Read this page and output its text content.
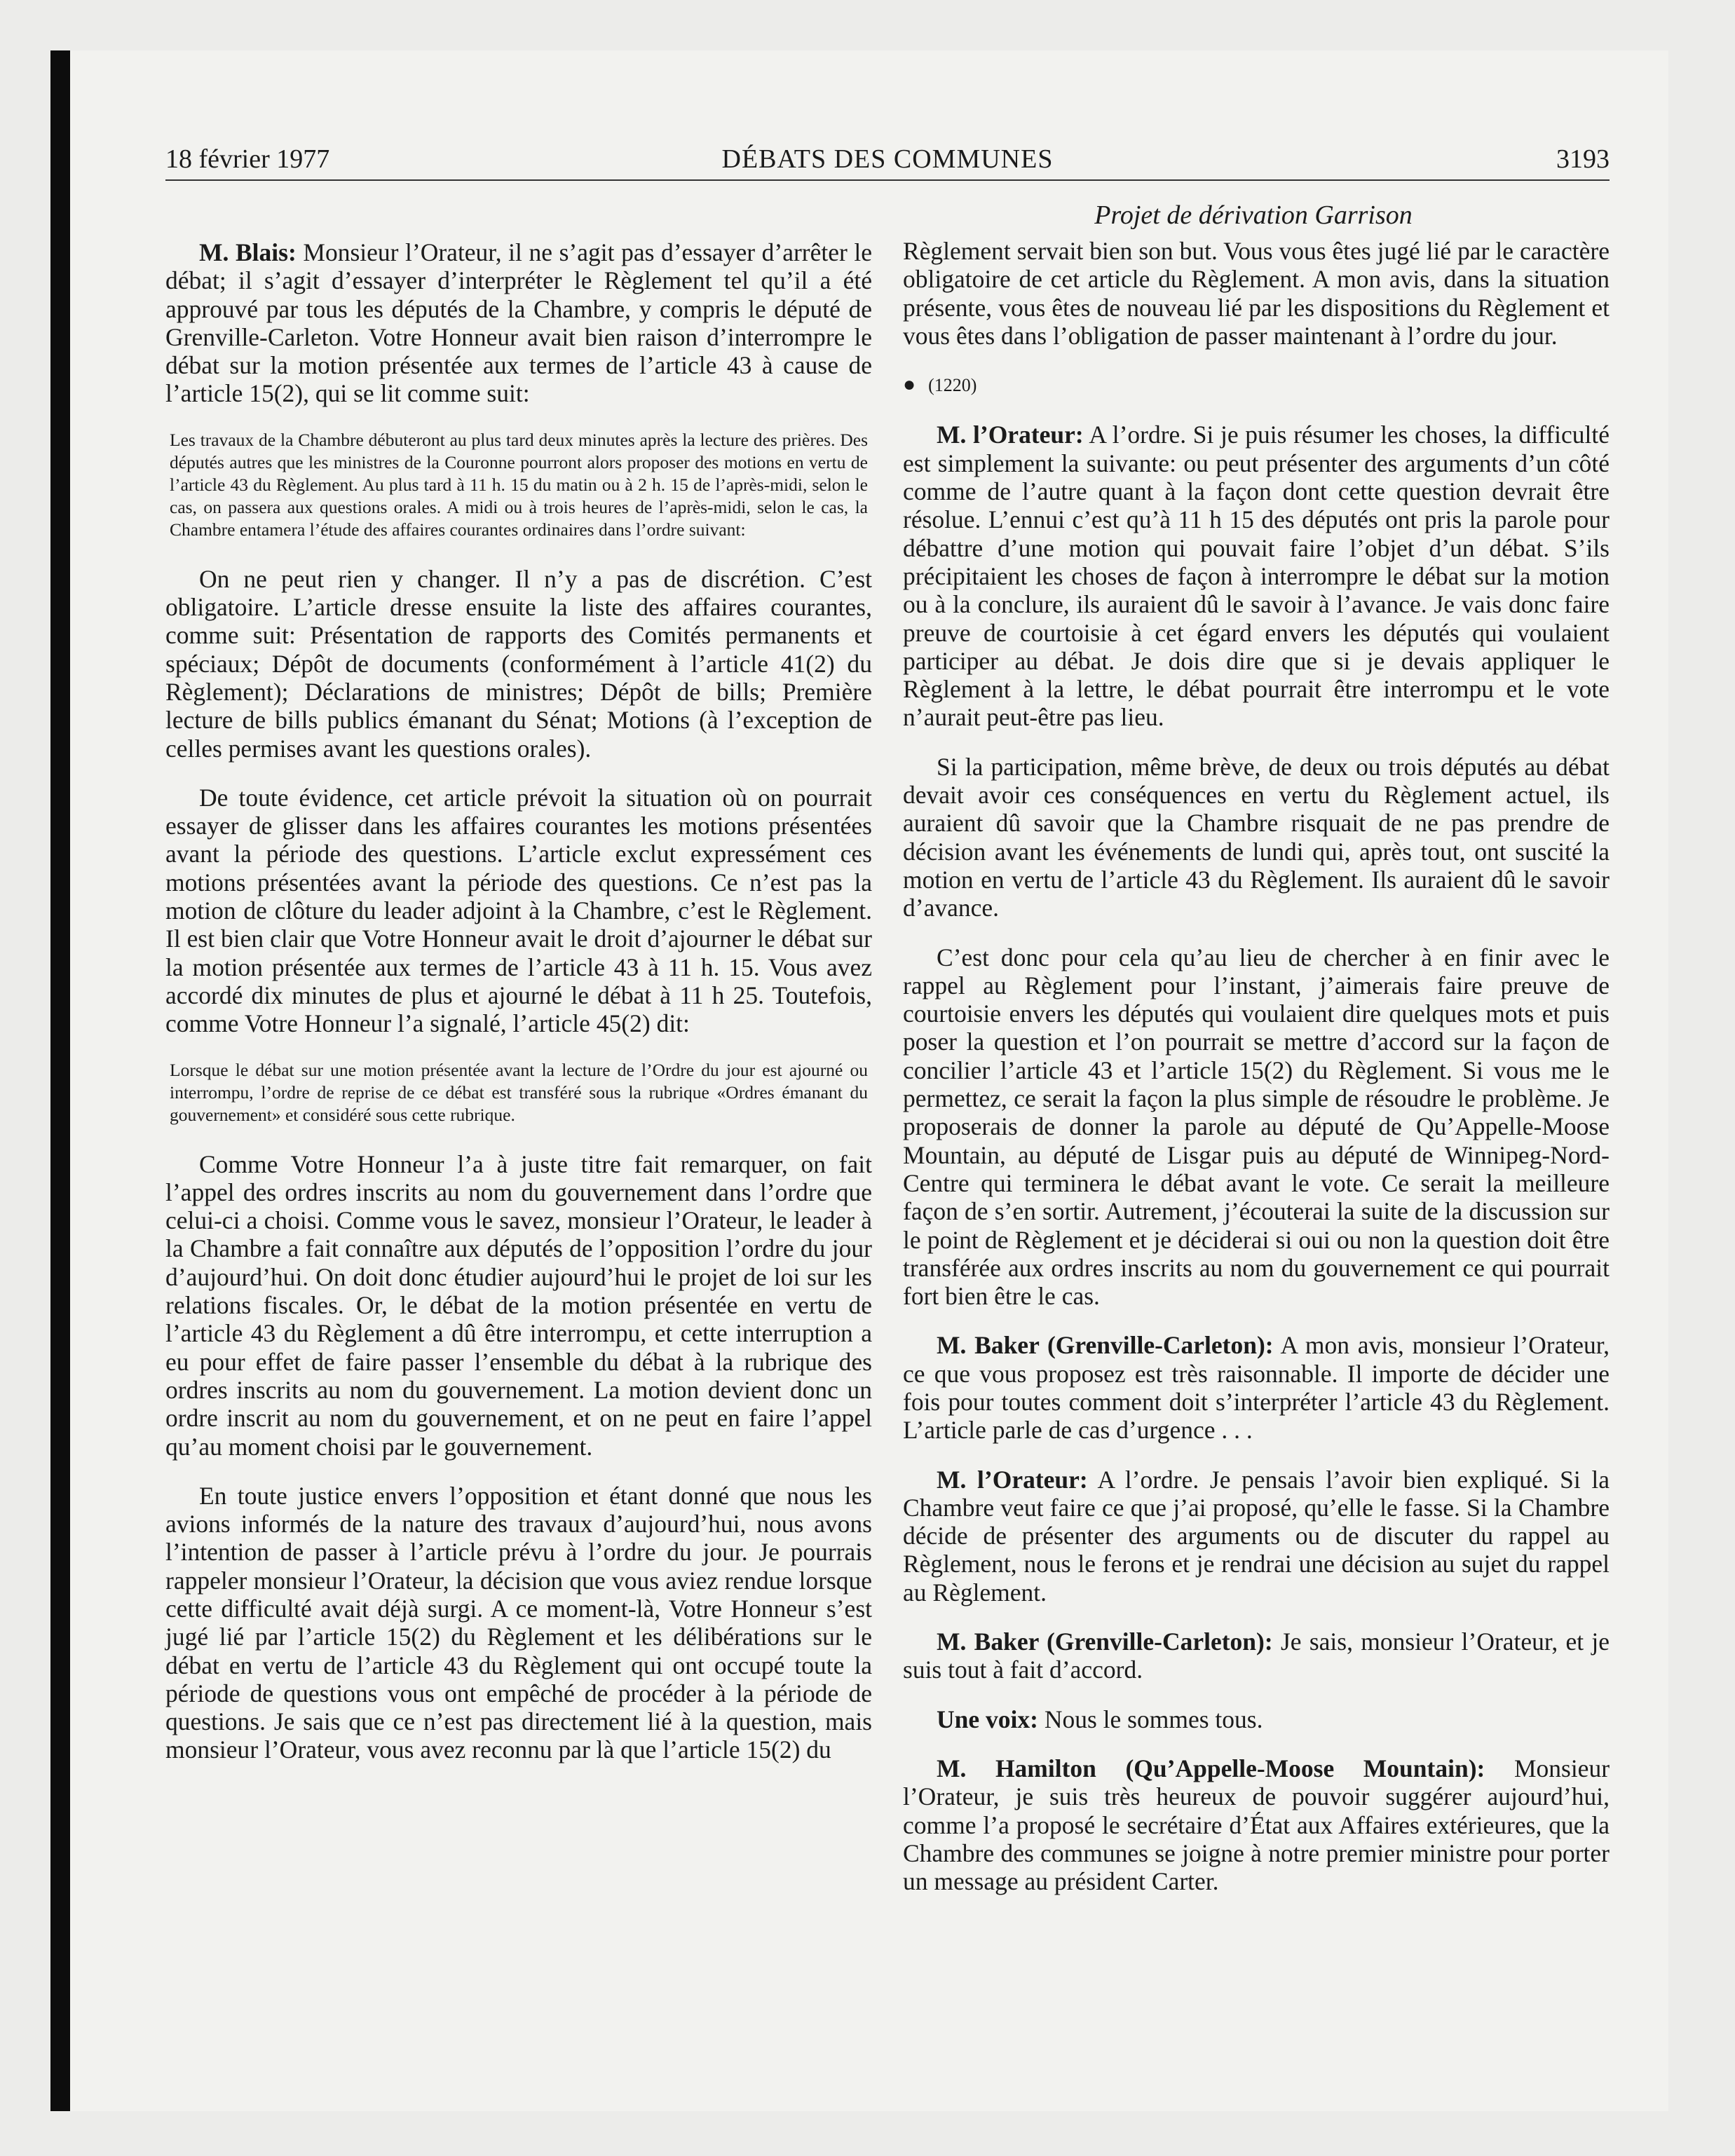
18 février 1977	DÉBATS DES COMMUNES	3193
Projet de dérivation Garrison

M. Blais: Monsieur l’Orateur, il ne s’agit pas d’essayer d’arrêter le débat; il s’agit d’essayer d’interpréter le Règlement tel qu’il a été approuvé par tous les députés de la Chambre, y compris le député de Grenville-Carleton. Votre Honneur avait bien raison d’interrompre le débat sur la motion présentée aux termes de l’article 43 à cause de l’article 15(2), qui se lit comme suit:

Les travaux de la Chambre débuteront au plus tard deux minutes après la lecture des prières. Des députés autres que les ministres de la Couronne pourront alors proposer des motions en vertu de l’article 43 du Règlement. Au plus tard à 11 h. 15 du matin ou à 2 h. 15 de l’après-midi, selon le cas, on passera aux questions orales. A midi ou à trois heures de l’après-midi, selon le cas, la Chambre entamera l’étude des affaires courantes ordinaires dans l’ordre suivant:

On ne peut rien y changer. Il n’y a pas de discrétion. C’est obligatoire. L’article dresse ensuite la liste des affaires courantes, comme suit: Présentation de rapports des Comités permanents et spéciaux; Dépôt de documents (conformément à l’article 41(2) du Règlement); Déclarations de ministres; Dépôt de bills; Première lecture de bills publics émanant du Sénat; Motions (à l’exception de celles permises avant les questions orales).

De toute évidence, cet article prévoit la situation où on pourrait essayer de glisser dans les affaires courantes les motions présentées avant la période des questions. L’article exclut expressément ces motions présentées avant la période des questions. Ce n’est pas la motion de clôture du leader adjoint à la Chambre, c’est le Règlement. Il est bien clair que Votre Honneur avait le droit d’ajourner le débat sur la motion présentée aux termes de l’article 43 à 11 h. 15. Vous avez accordé dix minutes de plus et ajourné le débat à 11 h 25. Toutefois, comme Votre Honneur l’a signalé, l’article 45(2) dit:

Lorsque le débat sur une motion présentée avant la lecture de l’Ordre du jour est ajourné ou interrompu, l’ordre de reprise de ce débat est transféré sous la rubrique «Ordres émanant du gouvernement» et considéré sous cette rubrique.

Comme Votre Honneur l’a à juste titre fait remarquer, on fait l’appel des ordres inscrits au nom du gouvernement dans l’ordre que celui-ci a choisi. Comme vous le savez, monsieur l’Orateur, le leader à la Chambre a fait connaître aux députés de l’opposition l’ordre du jour d’aujourd’hui. On doit donc étudier aujourd’hui le projet de loi sur les relations fiscales. Or, le débat de la motion présentée en vertu de l’article 43 du Règlement a dû être interrompu, et cette interruption a eu pour effet de faire passer l’ensemble du débat à la rubrique des ordres inscrits au nom du gouvernement. La motion devient donc un ordre inscrit au nom du gouvernement, et on ne peut en faire l’appel qu’au moment choisi par le gouvernement.

En toute justice envers l’opposition et étant donné que nous les avions informés de la nature des travaux d’aujourd’hui, nous avons l’intention de passer à l’article prévu à l’ordre du jour. Je pourrais rappeler monsieur l’Orateur, la décision que vous aviez rendue lorsque cette difficulté avait déjà surgi. A ce moment-là, Votre Honneur s’est jugé lié par l’article 15(2) du Règlement et les délibérations sur le débat en vertu de l’article 43 du Règlement qui ont occupé toute la période de questions vous ont empêché de procéder à la période de questions. Je sais que ce n’est pas directement lié à la question, mais monsieur l’Orateur, vous avez reconnu par là que l’article 15(2) du

Règlement servait bien son but. Vous vous êtes jugé lié par le caractère obligatoire de cet article du Règlement. A mon avis, dans la situation présente, vous êtes de nouveau lié par les dispositions du Règlement et vous êtes dans l’obligation de passer maintenant à l’ordre du jour.

● (1220)

M. l’Orateur: A l’ordre. Si je puis résumer les choses, la difficulté est simplement la suivante: ou peut présenter des arguments d’un côté comme de l’autre quant à la façon dont cette question devrait être résolue. L’ennui c’est qu’à 11 h 15 des députés ont pris la parole pour débattre d’une motion qui pouvait faire l’objet d’un débat. S’ils précipitaient les choses de façon à interrompre le débat sur la motion ou à la conclure, ils auraient dû le savoir à l’avance. Je vais donc faire preuve de courtoisie à cet égard envers les députés qui voulaient participer au débat. Je dois dire que si je devais appliquer le Règlement à la lettre, le débat pourrait être interrompu et le vote n’aurait peut-être pas lieu.

Si la participation, même brève, de deux ou trois députés au débat devait avoir ces conséquences en vertu du Règlement actuel, ils auraient dû savoir que la Chambre risquait de ne pas prendre de décision avant les événements de lundi qui, après tout, ont suscité la motion en vertu de l’article 43 du Règlement. Ils auraient dû le savoir d’avance.

C’est donc pour cela qu’au lieu de chercher à en finir avec le rappel au Règlement pour l’instant, j’aimerais faire preuve de courtoisie envers les députés qui voulaient dire quelques mots et puis poser la question et l’on pourrait se mettre d’accord sur la façon de concilier l’article 43 et l’article 15(2) du Règlement. Si vous me le permettez, ce serait la façon la plus simple de résoudre le problème. Je proposerais de donner la parole au député de Qu’Appelle-Moose Mountain, au député de Lisgar puis au député de Winnipeg-Nord-Centre qui terminera le débat avant le vote. Ce serait la meilleure façon de s’en sortir. Autrement, j’écouterai la suite de la discussion sur le point de Règlement et je déciderai si oui ou non la question doit être transférée aux ordres inscrits au nom du gouvernement ce qui pourrait fort bien être le cas.

M. Baker (Grenville-Carleton): A mon avis, monsieur l’Orateur, ce que vous proposez est très raisonnable. Il importe de décider une fois pour toutes comment doit s’interpréter l’article 43 du Règlement. L’article parle de cas d’urgence . . .

M. l’Orateur: A l’ordre. Je pensais l’avoir bien expliqué. Si la Chambre veut faire ce que j’ai proposé, qu’elle le fasse. Si la Chambre décide de présenter des arguments ou de discuter du rappel au Règlement, nous le ferons et je rendrai une décision au sujet du rappel au Règlement.

M. Baker (Grenville-Carleton): Je sais, monsieur l’Orateur, et je suis tout à fait d’accord.

Une voix: Nous le sommes tous.

M. Hamilton (Qu’Appelle-Moose Mountain): Monsieur l’Orateur, je suis très heureux de pouvoir suggérer aujourd’hui, comme l’a proposé le secrétaire d’État aux Affaires extérieures, que la Chambre des communes se joigne à notre premier ministre pour porter un message au président Carter.
